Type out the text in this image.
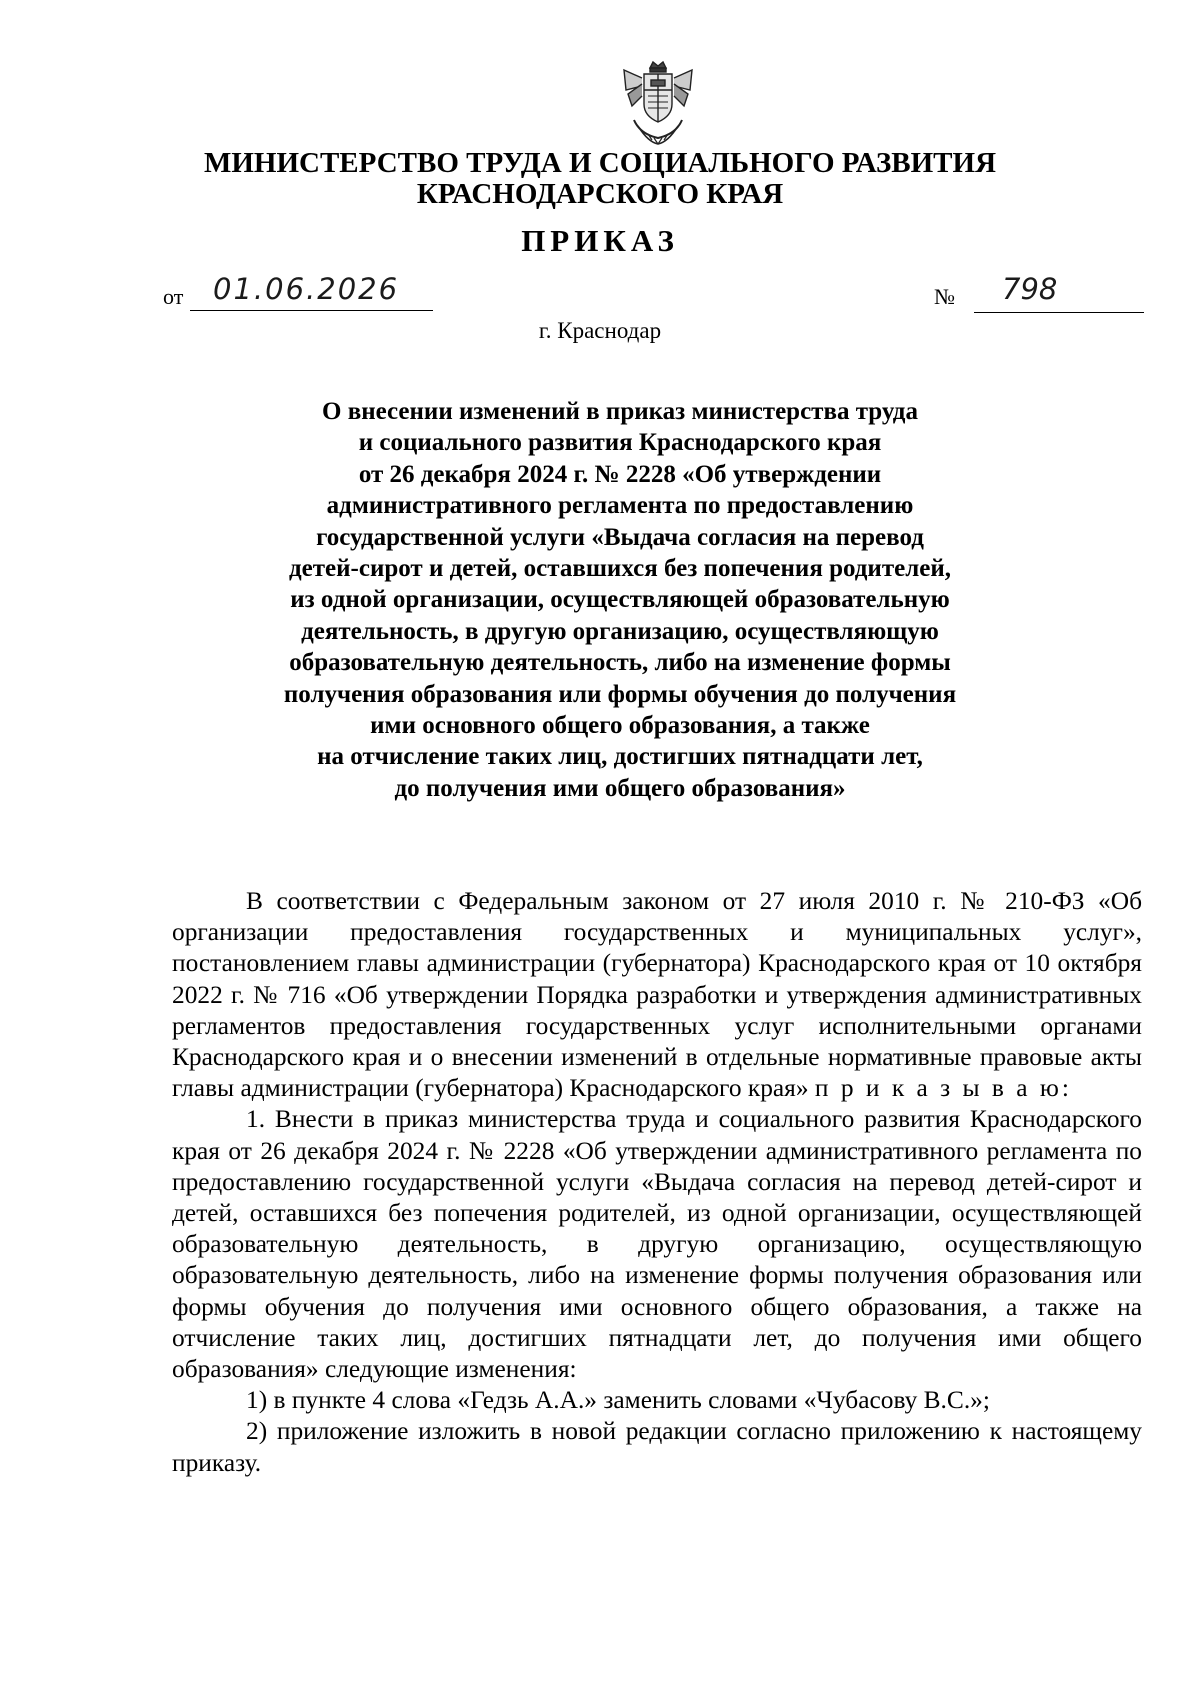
МИНИСТЕРСТВО ТРУДА И СОЦИАЛЬНОГО РАЗВИТИЯ
КРАСНОДАРСКОГО КРАЯ
ПРИКАЗ
от 01.06.2026	№ 798
г. Краснодар
О внесении изменений в приказ министерства труда
и социального развития Краснодарского края
от 26 декабря 2024 г. № 2228 «Об утверждении
административного регламента по предоставлению
государственной услуги «Выдача согласия на перевод
детей-сирот и детей, оставшихся без попечения родителей,
из одной организации, осуществляющей образовательную
деятельность, в другую организацию, осуществляющую
образовательную деятельность, либо на изменение формы
получения образования или формы обучения до получения
ими основного общего образования, а также
на отчисление таких лиц, достигших пятнадцати лет,
до получения ими общего образования»

В соответствии с Федеральным законом от 27 июля 2010 г. № 210-ФЗ «Об организации предоставления государственных и муниципальных услуг», постановлением главы администрации (губернатора) Краснодарского края от 10 октября 2022 г. № 716 «Об утверждении Порядка разработки и утверждения административных регламентов предоставления государственных услуг исполнительными органами Краснодарского края и о внесении изменений в отдельные нормативные правовые акты главы администрации (губернатора) Краснодарского края» п р и к а з ы в а ю:

1. Внести в приказ министерства труда и социального развития Краснодарского края от 26 декабря 2024 г. № 2228 «Об утверждении административного регламента по предоставлению государственной услуги «Выдача согласия на перевод детей-сирот и детей, оставшихся без попечения родителей, из одной организации, осуществляющей образовательную деятельность, в другую организацию, осуществляющую образовательную деятельность, либо на изменение формы получения образования или формы обучения до получения ими основного общего образования, а также на отчисление таких лиц, достигших пятнадцати лет, до получения ими общего образования» следующие изменения:

1) в пункте 4 слова «Гедзь А.А.» заменить словами «Чубасову В.С.»;

2) приложение изложить в новой редакции согласно приложению к настоящему приказу.
